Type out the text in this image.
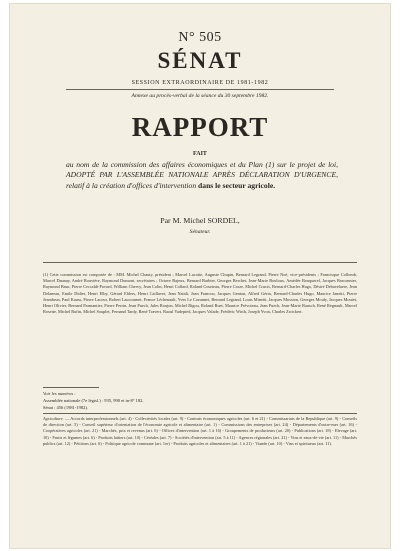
N° 505
SÉNAT
SESSION EXTRAORDINAIRE DE 1981-1982
Annexe au procès-verbal de la séance du 30 septembre 1982.
RAPPORT
FAIT
au nom de la commission des affaires économiques et du Plan (1) sur le projet de loi, ADOPTÉ PAR L'ASSEMBLÉE NATIONALE APRÈS DÉCLARATION D'URGENCE, relatif à la création d'offices d'intervention dans le secteur agricole.
Par M. Michel SORDEL,
Sénateur.
(1) Cette commission est composée de : MM. Michel Chauty, président ; Marcel Lucotte, Auguste Chupin, Bernard Legrand, Pierre Noé, vice-présidents ; Francisque Collomb, Marcel Daunay, André Rouvière, Raymond Dumont, secrétaires ; Octave Bajeux, Bernard Barbier, Georges Berchet, Jean-Marie Bouloux, Amédée Bouquerel, Jacques Braconnier, Raymond Brun, Pierre Ceccaldi-Pavard, William Chervy, Jean Colin, Henri Collard, Roland Courteau, Pierre Croze, Michel Crucis, Bernard-Charles Hugo, Désiré Debavelaere, Jean Delaneau, Emile Didier, Henri Elby, Gérard Ehlers, Henri Caillavet, Jean Natali, Jean Francou, Jacques Genton, Alfred Gérin, Bernard-Charles Hugo, Maurice Janetti, Pierre Jeambrun, Paul Kauss, Pierre Lacour, Robert Laucournet, France Léchenault, Yves Le Cozannet, Bernard Legrand, Louis Minetti, Jacques Mossion, Georges Mouly, Jacques Moutet, Henri Olivier, Bernard Parmantier, Pierre Perrin, Jean Puech, Jules Roujon, Michel Rigou, Roland Ruet, Maurice Prévoteau, Jean Puech, Jean-Marie Rausch, René Regnault, Marcel Rosette, Michel Rufin, Michel Souplet, Fernand Tardy, René Travert, Raoul Vadepied, Jacques Valade, Frédéric Wirth, Joseph Yvon, Charles Zwickert.
Voir les numéros :
Assemblée nationale (7e législ.) : 935, 990 et in-8° 182.
Sénat : 456 (1981-1982).
Agriculture. — Accords interprofessionnels (art. 4) - Collectivités locales (art. 9) - Contrats économiques agricoles (art. 6 et 21) - Commissariats de la Republique (art. 9) - Conseils de direction (art. 5) - Conseil supérieur d'orientation de l'économie agricole et alimentaire (art. 1) - Commissions des entreprises (art. 24) - Départements d'outre-mer (art. 16) - Coopératives agricoles (art. 21) - Marchés, prix et revenus (art. 6) - Offices d'intervention (art. 1 à 16) - Groupements de producteurs (art. 20) - Publications (art. 18) - Elevage (art. 10) - Fruits et légumes (art. 6) - Produits laitiers (art. 10) - Céréales (art. 7) - Sociétés d'intervention (art. 5 à 11) - Agences régionales (art. 21) - Vins et eaux-de-vie (art. 11) - Marchés publics (art. 12) - Pétitions (art. 6) - Politique agricole commune (art. 1er) - Produits agricoles et alimentaires (art. 1 à 21) - Viande (art. 10) - Vins et spiritueux (art. 11).
